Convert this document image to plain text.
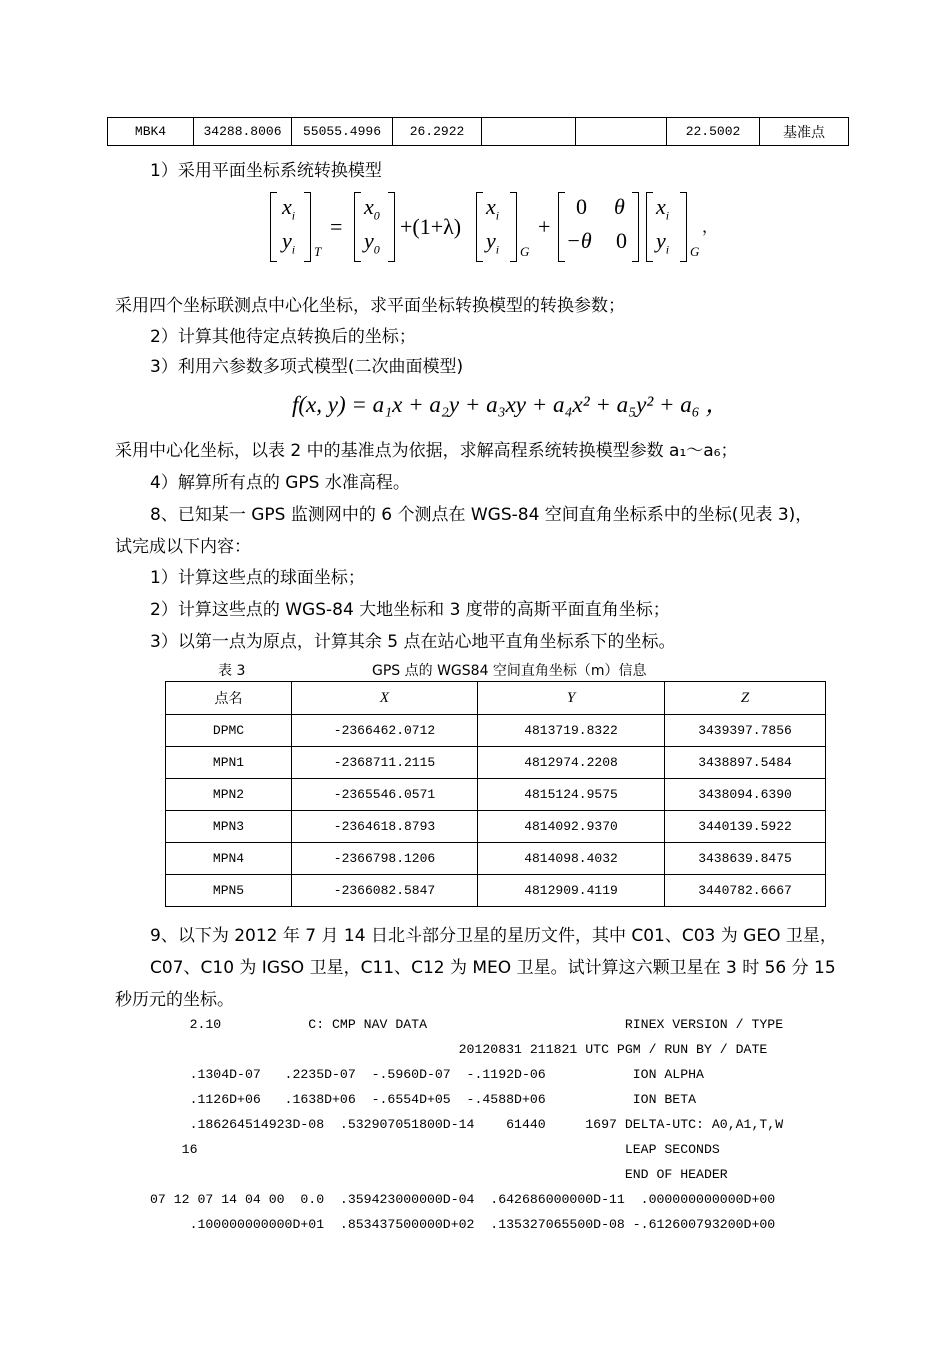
MBK4	34288.8006	55055.4996	26.2922			22.5002	基准点
1）采用平面坐标系统转换模型
$x_i$
$y_i$ T
=
$x_0$
$y_0$
+(1+λ)
$x_i$
$y_i$ G
+
0 θ
−θ 0
$x_i$
$y_i$ G
，
采用四个坐标联测点中心化坐标，求平面坐标转换模型的转换参数；
2）计算其他待定点转换后的坐标；
3）利用六参数多项式模型(二次曲面模型)
f(x, y) = a₁x + a₂y + a₃xy + a₄x² + a₅y² + a₆ ，
采用中心化坐标，以表 2 中的基准点为依据，求解高程系统转换模型参数 a₁～a₆；
4）解算所有点的 GPS 水准高程。
8、已知某一 GPS 监测网中的 6 个测点在 WGS-84 空间直角坐标系中的坐标(见表 3)，
试完成以下内容：
1）计算这些点的球面坐标；
2）计算这些点的 WGS-84 大地坐标和 3 度带的高斯平面直角坐标；
3）以第一点为原点，计算其余 5 点在站心地平直角坐标系下的坐标。
表 3	GPS 点的 WGS84 空间直角坐标（m）信息
点名	X	Y	Z
DPMC	-2366462.0712	4813719.8322	3439397.7856
MPN1	-2368711.2115	4812974.2208	3438897.5484
MPN2	-2365546.0571	4815124.9575	3438094.6390
MPN3	-2364618.8793	4814092.9370	3440139.5922
MPN4	-2366798.1206	4814098.4032	3438639.8475
MPN5	-2366082.5847	4812909.4119	3440782.6667
9、以下为 2012 年 7 月 14 日北斗部分卫星的星历文件，其中 C01、C03 为 GEO 卫星，
C07、C10 为 IGSO 卫星，C11、C12 为 MEO 卫星。试计算这六颗卫星在 3 时 56 分 15
秒历元的坐标。
2.10           C: CMP NAV DATA                         RINEX VERSION / TYPE
20120831 211821 UTC PGM / RUN BY / DATE
.1304D-07   .2235D-07  -.5960D-07  -.1192D-06           ION ALPHA
.1126D+06   .1638D+06  -.6554D+05  -.4588D+06           ION BETA
.186264514923D-08  .532907051800D-14    61440     1697 DELTA-UTC: A0,A1,T,W
16                                                      LEAP SECONDS
END OF HEADER
07 12 07 14 04 00  0.0  .359423000000D-04  .642686000000D-11  .000000000000D+00
.100000000000D+01  .853437500000D+02  .135327065500D-08 -.612600793200D+00
